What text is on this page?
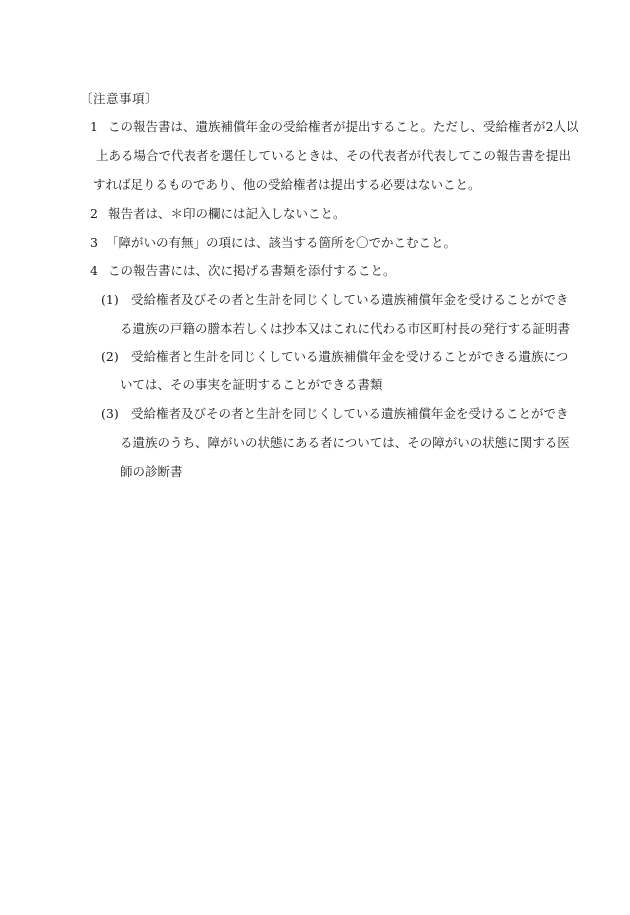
〔注意事項〕
1 この報告書は、遺族補償年金の受給権者が提出すること。ただし、受給権者が2人以
上ある場合で代表者を選任しているときは、その代表者が代表してこの報告書を提出
すれば足りるものであり、他の受給権者は提出する必要はないこと。
2 報告者は、＊印の欄には記入しないこと。
3 「障がいの有無」の項には、該当する箇所を〇でかこむこと。
4 この報告書には、次に掲げる書類を添付すること。
(1) 受給権者及びその者と生計を同じくしている遺族補償年金を受けることができ
る遺族の戸籍の謄本若しくは抄本又はこれに代わる市区町村長の発行する証明書
(2) 受給権者と生計を同じくしている遺族補償年金を受けることができる遺族につ
いては、その事実を証明することができる書類
(3) 受給権者及びその者と生計を同じくしている遺族補償年金を受けることができ
る遺族のうち、障がいの状態にある者については、その障がいの状態に関する医
師の診断書
